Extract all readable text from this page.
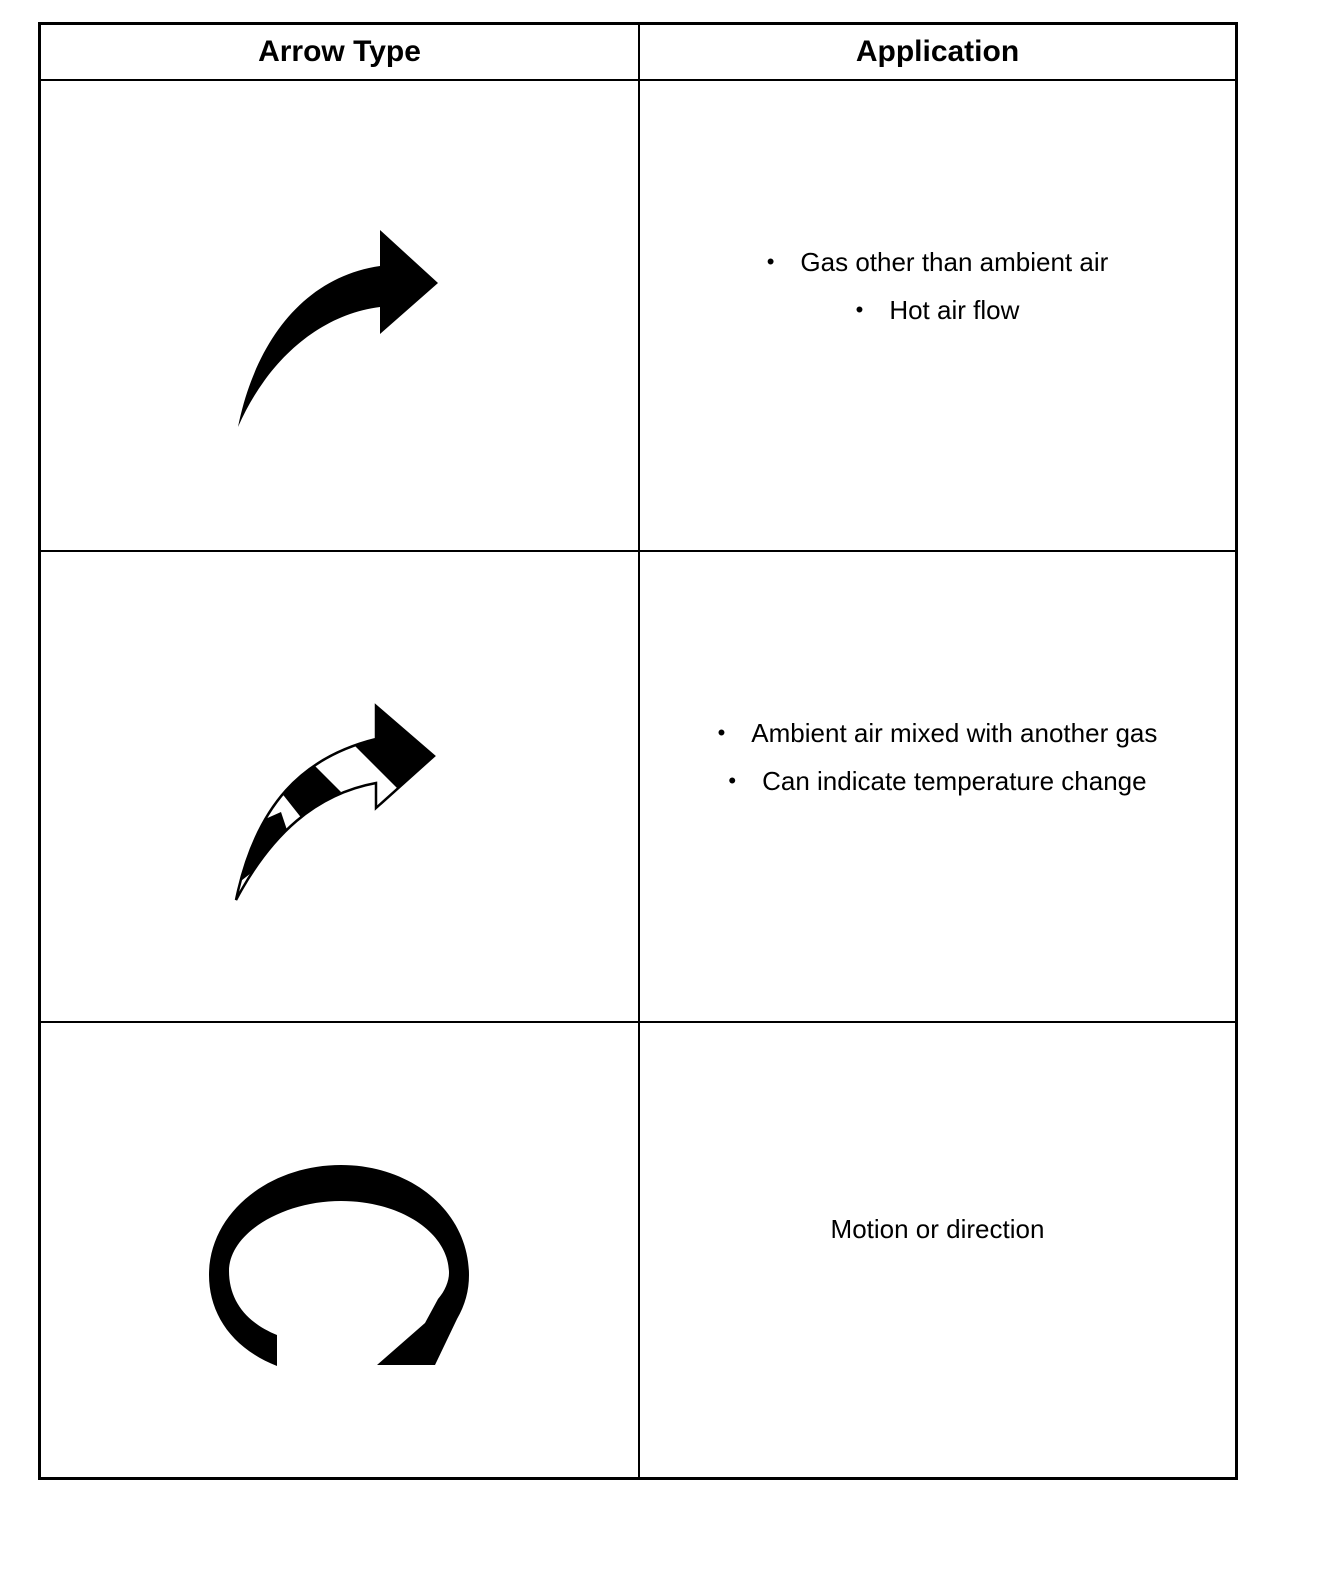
Arrow Type	Application
• Gas other than ambient air
• Hot air flow
• Ambient air mixed with another gas
• Can indicate temperature change
Motion or direction
